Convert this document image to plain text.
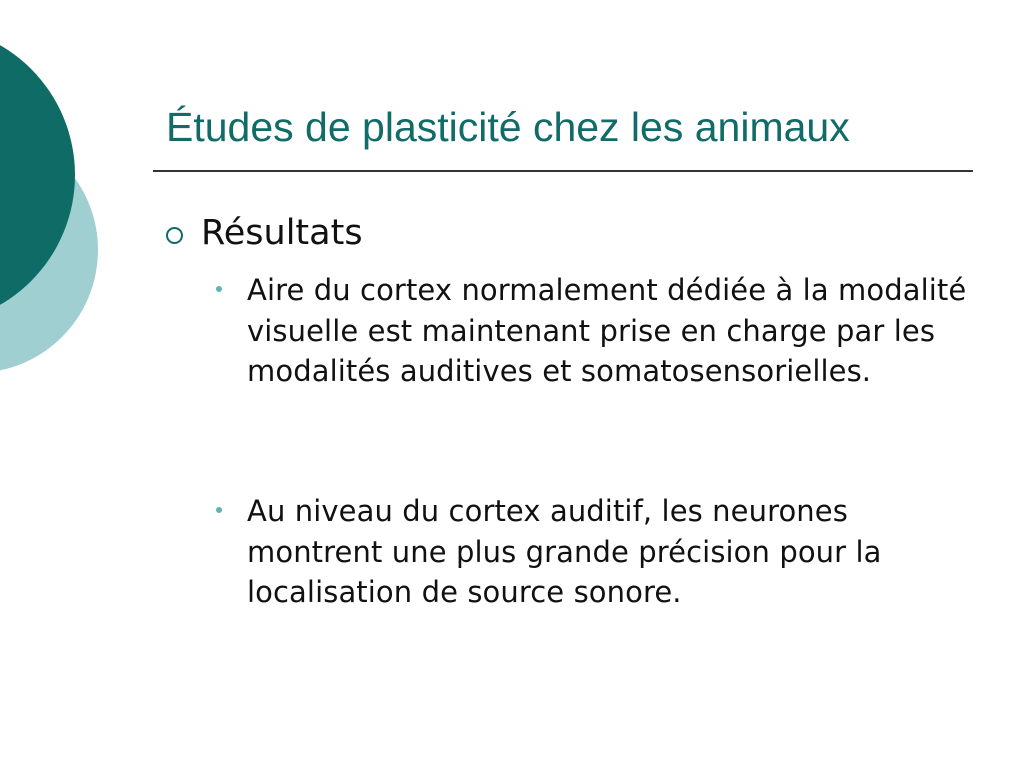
Études de plasticité chez les animaux
Résultats
Aire du cortex normalement dédiée à la modalité visuelle est maintenant prise en charge par les modalités auditives et somatosensorielles.
Au niveau du cortex auditif, les neurones montrent une plus grande précision pour la localisation de source sonore.
